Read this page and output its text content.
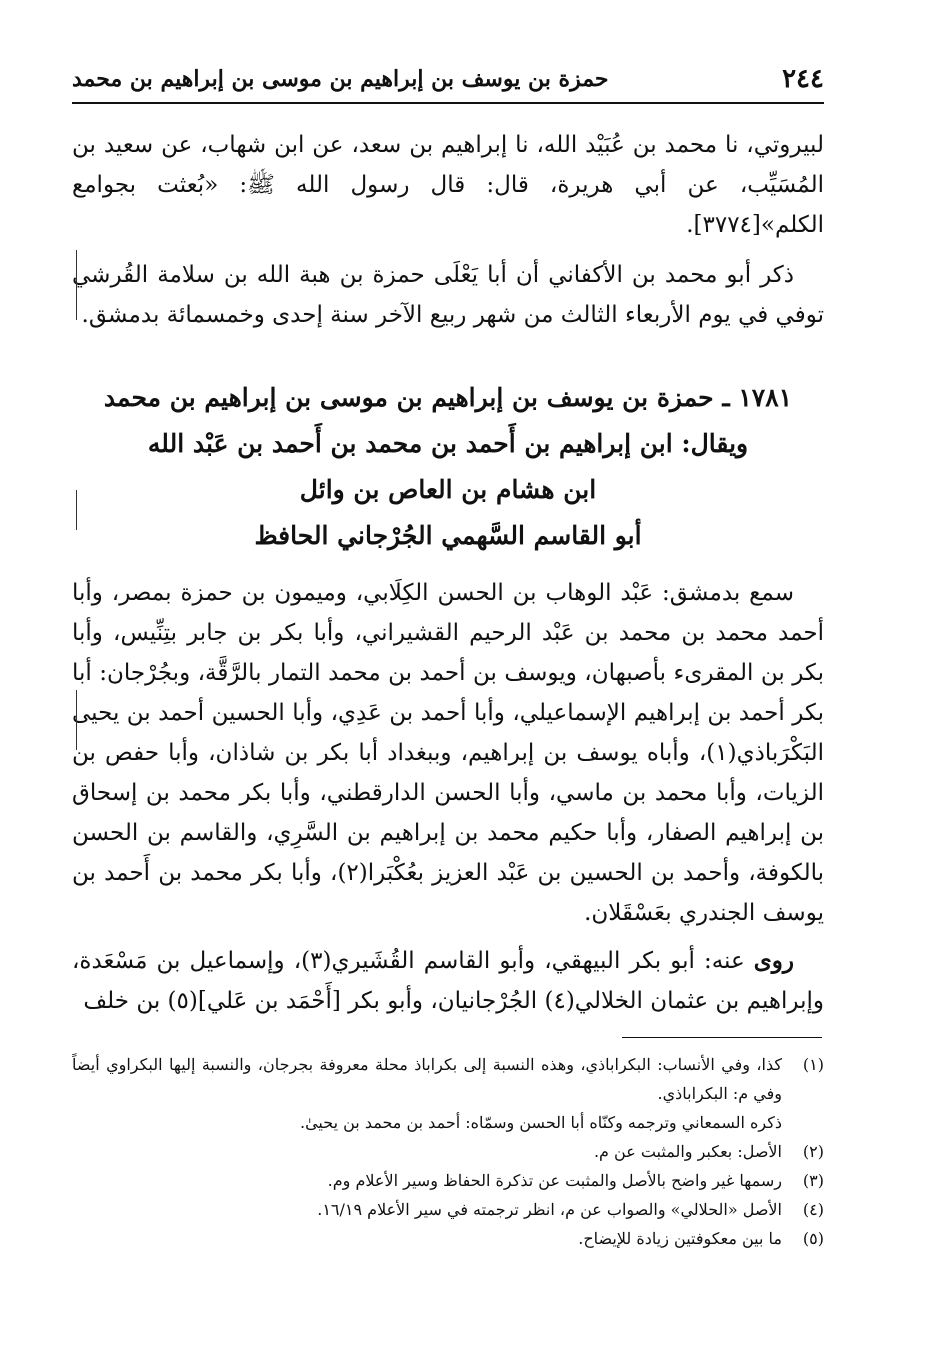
حمزة بن يوسف بن إبراهيم بن موسى بن إبراهيم بن محمد	٢٤٤

لبيروتي، نا محمد بن عُبَيْد الله، نا إبراهيم بن سعد، عن ابن شهاب، عن سعيد بن المُسَيِّب، عن أبي هريرة، قال: قال رسول الله ﷺ: «بُعثت بجوامع الكلم»[٣٧٧٤].

ذكر أبو محمد بن الأكفاني أن أبا يَعْلَى حمزة بن هبة الله بن سلامة القُرشي توفي في يوم الأربعاء الثالث من شهر ربيع الآخر سنة إحدى وخمسمائة بدمشق.

١٧٨١ ـ حمزة بن يوسف بن إبراهيم بن موسى بن إبراهيم بن محمد
ويقال: ابن إبراهيم بن أَحمد بن محمد بن أَحمد بن عَبْد الله
ابن هشام بن العاص بن وائل
أبو القاسم السَّهمي الجُرْجاني الحافظ

سمع بدمشق: عَبْد الوهاب بن الحسن الكِلَابي، وميمون بن حمزة بمصر، وأبا أحمد محمد بن محمد بن عَبْد الرحيم القشيراني، وأبا بكر بن جابر بتِنِّيس، وأبا بكر بن المقرىء بأصبهان، ويوسف بن أحمد بن محمد التمار بالرَّقَّة، وبجُرْجان: أبا بكر أحمد بن إبراهيم الإسماعيلي، وأبا أحمد بن عَدِي، وأبا الحسين أحمد بن يحيى البَكْرَباذي(١)، وأباه يوسف بن إبراهيم، وببغداد أبا بكر بن شاذان، وأبا حفص بن الزيات، وأبا محمد بن ماسي، وأبا الحسن الدارقطني، وأبا بكر محمد بن إسحاق بن إبراهيم الصفار، وأبا حكيم محمد بن إبراهيم بن السَّرِي، والقاسم بن الحسن بالكوفة، وأحمد بن الحسين بن عَبْد العزيز بعُكْبَرا(٢)، وأبا بكر محمد بن أَحمد بن يوسف الجندري بعَسْقَلان.

روى عنه: أبو بكر البيهقي، وأبو القاسم القُشَيري(٣)، وإسماعيل بن مَسْعَدة، وإبراهيم بن عثمان الخلالي(٤) الجُرْجانيان، وأبو بكر [أَحْمَد بن عَلي](٥) بن خلف

(١)
كذا، وفي الأنساب: البكراباذي، وهذه النسبة إلى بكراباذ محلة معروفة بجرجان، والنسبة إليها البكراوي أيضاً وفي م: البكراباذي.
ذكره السمعاني وترجمه وكنّاه أبا الحسن وسمّاه: أحمد بن محمد بن يحيىٰ.
(٢)
الأصل: بعكبر والمثبت عن م.
(٣)
رسمها غير واضح بالأصل والمثبت عن تذكرة الحفاظ وسير الأعلام وم.
(٤)
الأصل «الحلالي» والصواب عن م، انظر ترجمته في سير الأعلام ١٦/١٩.
(٥)
ما بين معكوفتين زيادة للإيضاح.
